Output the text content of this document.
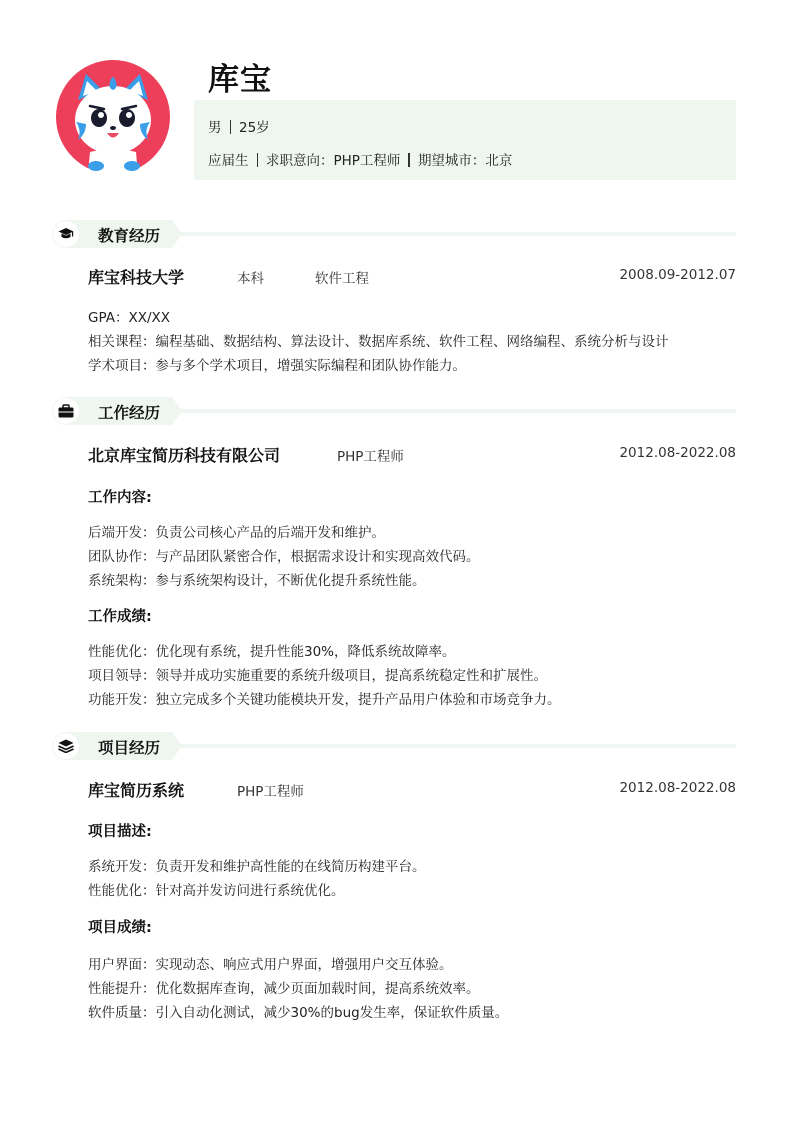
库宝
男 25岁
应届生 求职意向：PHP工程师 期望城市：北京
教育经历
库宝科技大学	本科	软件工程	2008.09-2012.07
GPA：XX/XX
相关课程：编程基础、数据结构、算法设计、数据库系统、软件工程、网络编程、系统分析与设计
学术项目：参与多个学术项目，增强实际编程和团队协作能力。
工作经历
北京库宝简历科技有限公司	PHP工程师	2012.08-2022.08
工作内容:
后端开发：负责公司核心产品的后端开发和维护。
团队协作：与产品团队紧密合作，根据需求设计和实现高效代码。
系统架构：参与系统架构设计，不断优化提升系统性能。
工作成绩:
性能优化：优化现有系统，提升性能30%，降低系统故障率。
项目领导：领导并成功实施重要的系统升级项目，提高系统稳定性和扩展性。
功能开发：独立完成多个关键功能模块开发，提升产品用户体验和市场竞争力。
项目经历
库宝简历系统	PHP工程师	2012.08-2022.08
项目描述:
系统开发：负责开发和维护高性能的在线简历构建平台。
性能优化：针对高并发访问进行系统优化。
项目成绩:
用户界面：实现动态、响应式用户界面，增强用户交互体验。
性能提升：优化数据库查询，减少页面加载时间，提高系统效率。
软件质量：引入自动化测试，减少30%的bug发生率，保证软件质量。
